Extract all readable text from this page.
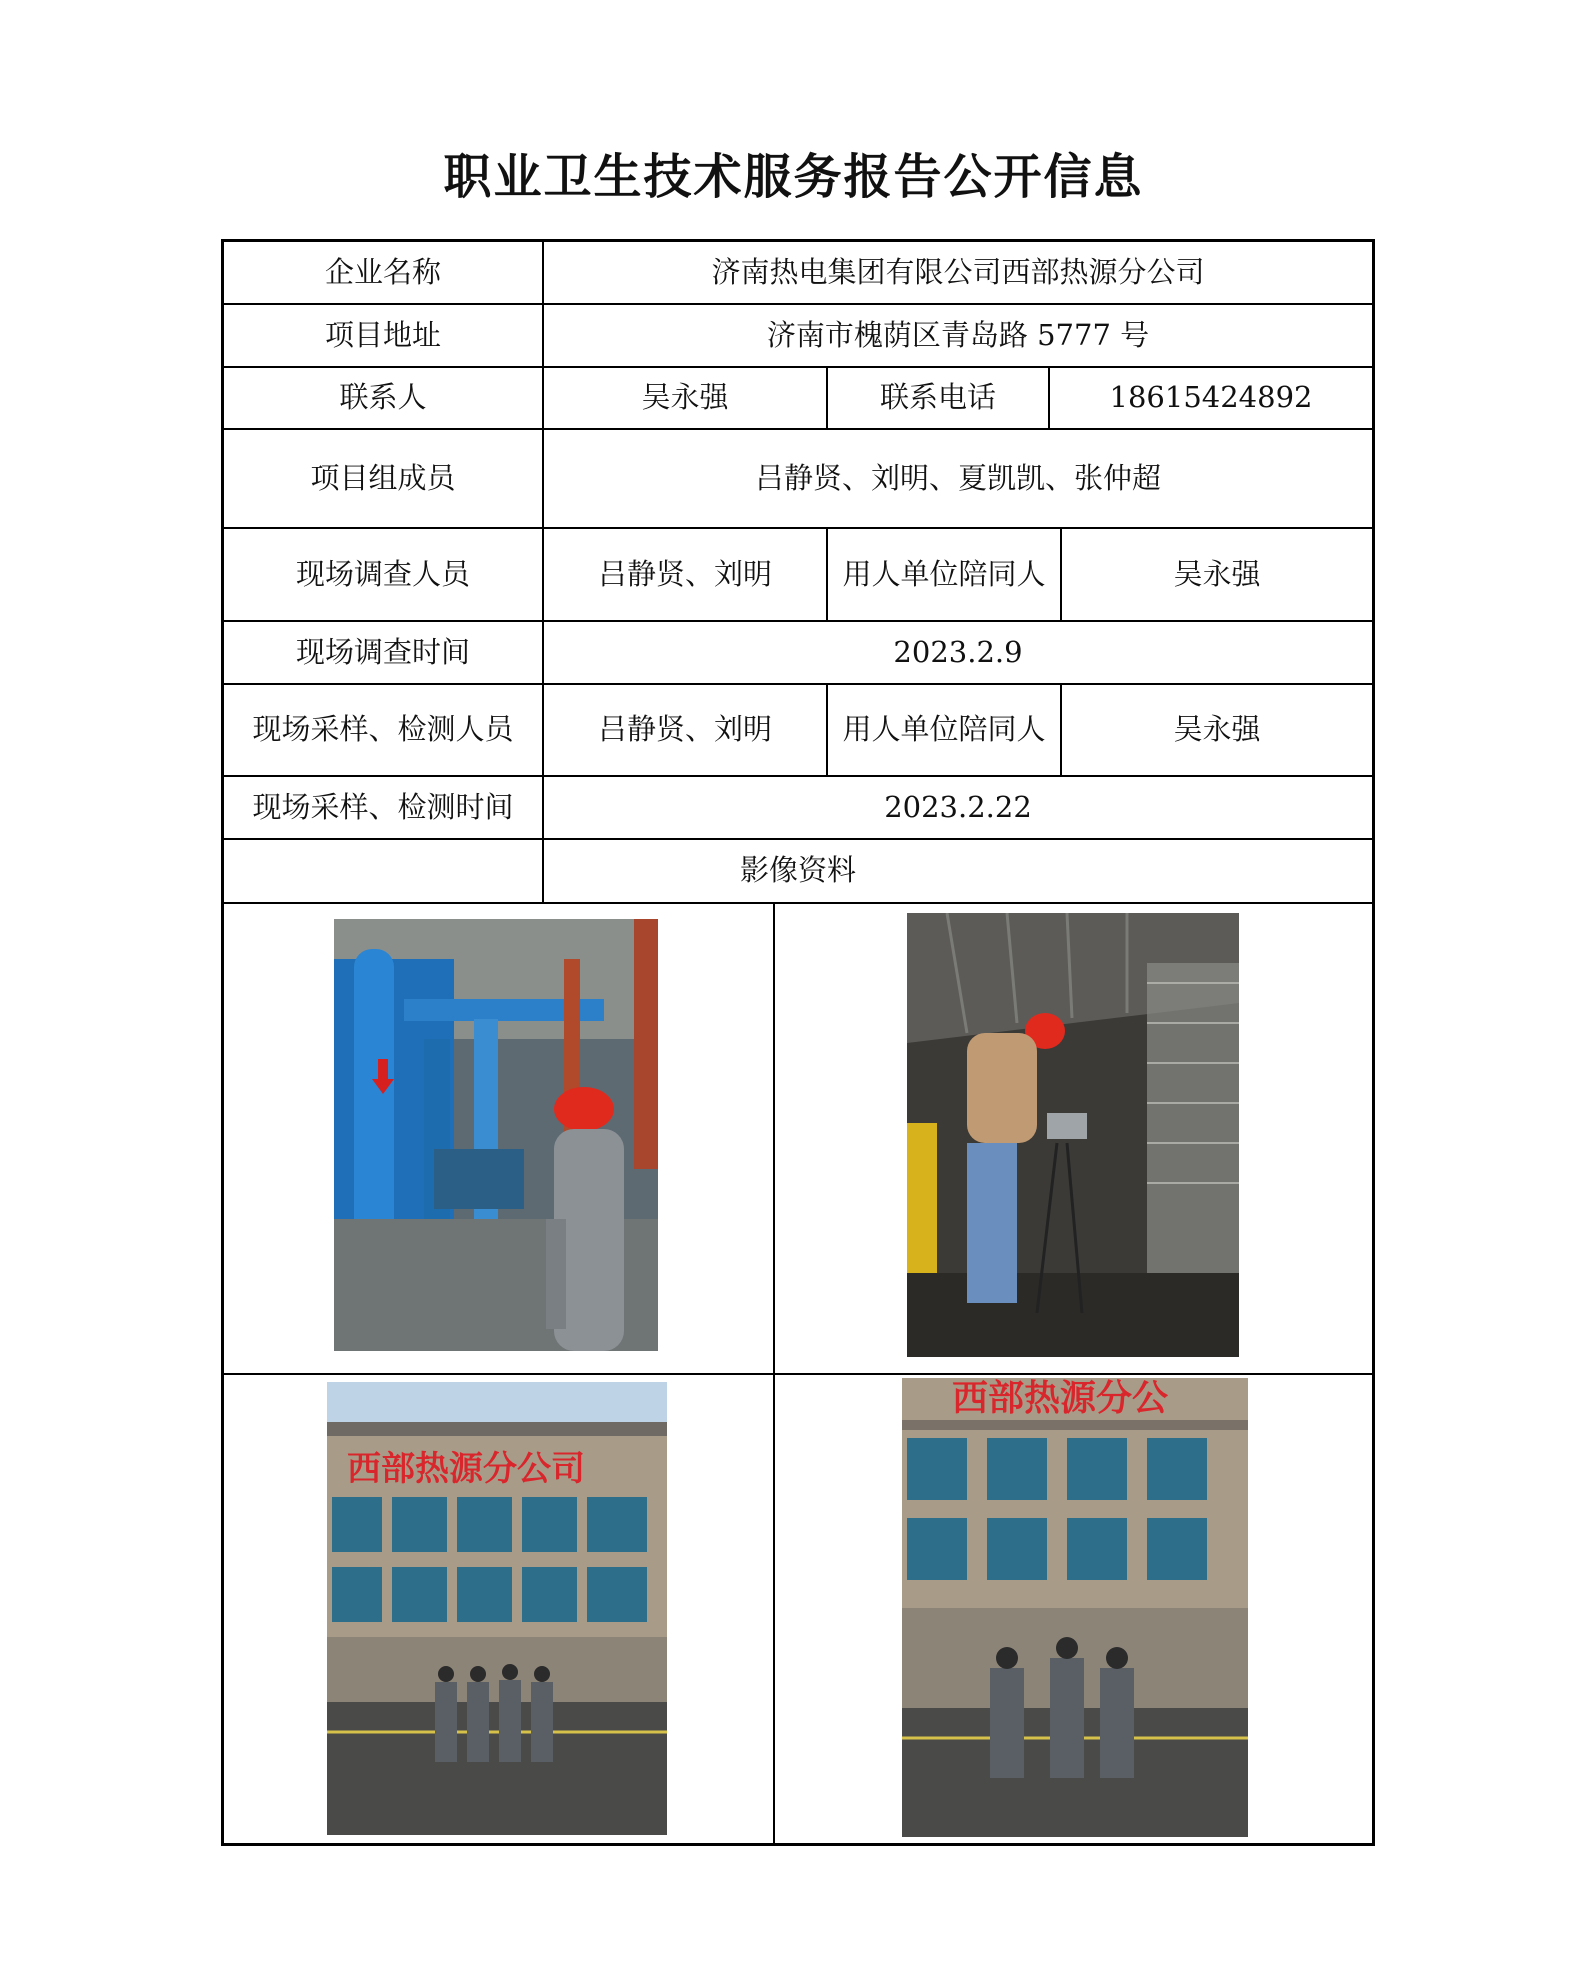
职业卫生技术服务报告公开信息
企业名称	济南热电集团有限公司西部热源分公司
项目地址	济南市槐荫区青岛路 5777 号
联系人	吴永强	联系电话	18615424892
项目组成员	吕静贤、刘明、夏凯凯、张仲超
现场调查人员	吕静贤、刘明	用人单位陪同人	吴永强
现场调查时间	2023.2.9
现场采样、检测人员	吕静贤、刘明	用人单位陪同人	吴永强
现场采样、检测时间	2023.2.22
影像资料
西部热源分公司
西部热源分公
